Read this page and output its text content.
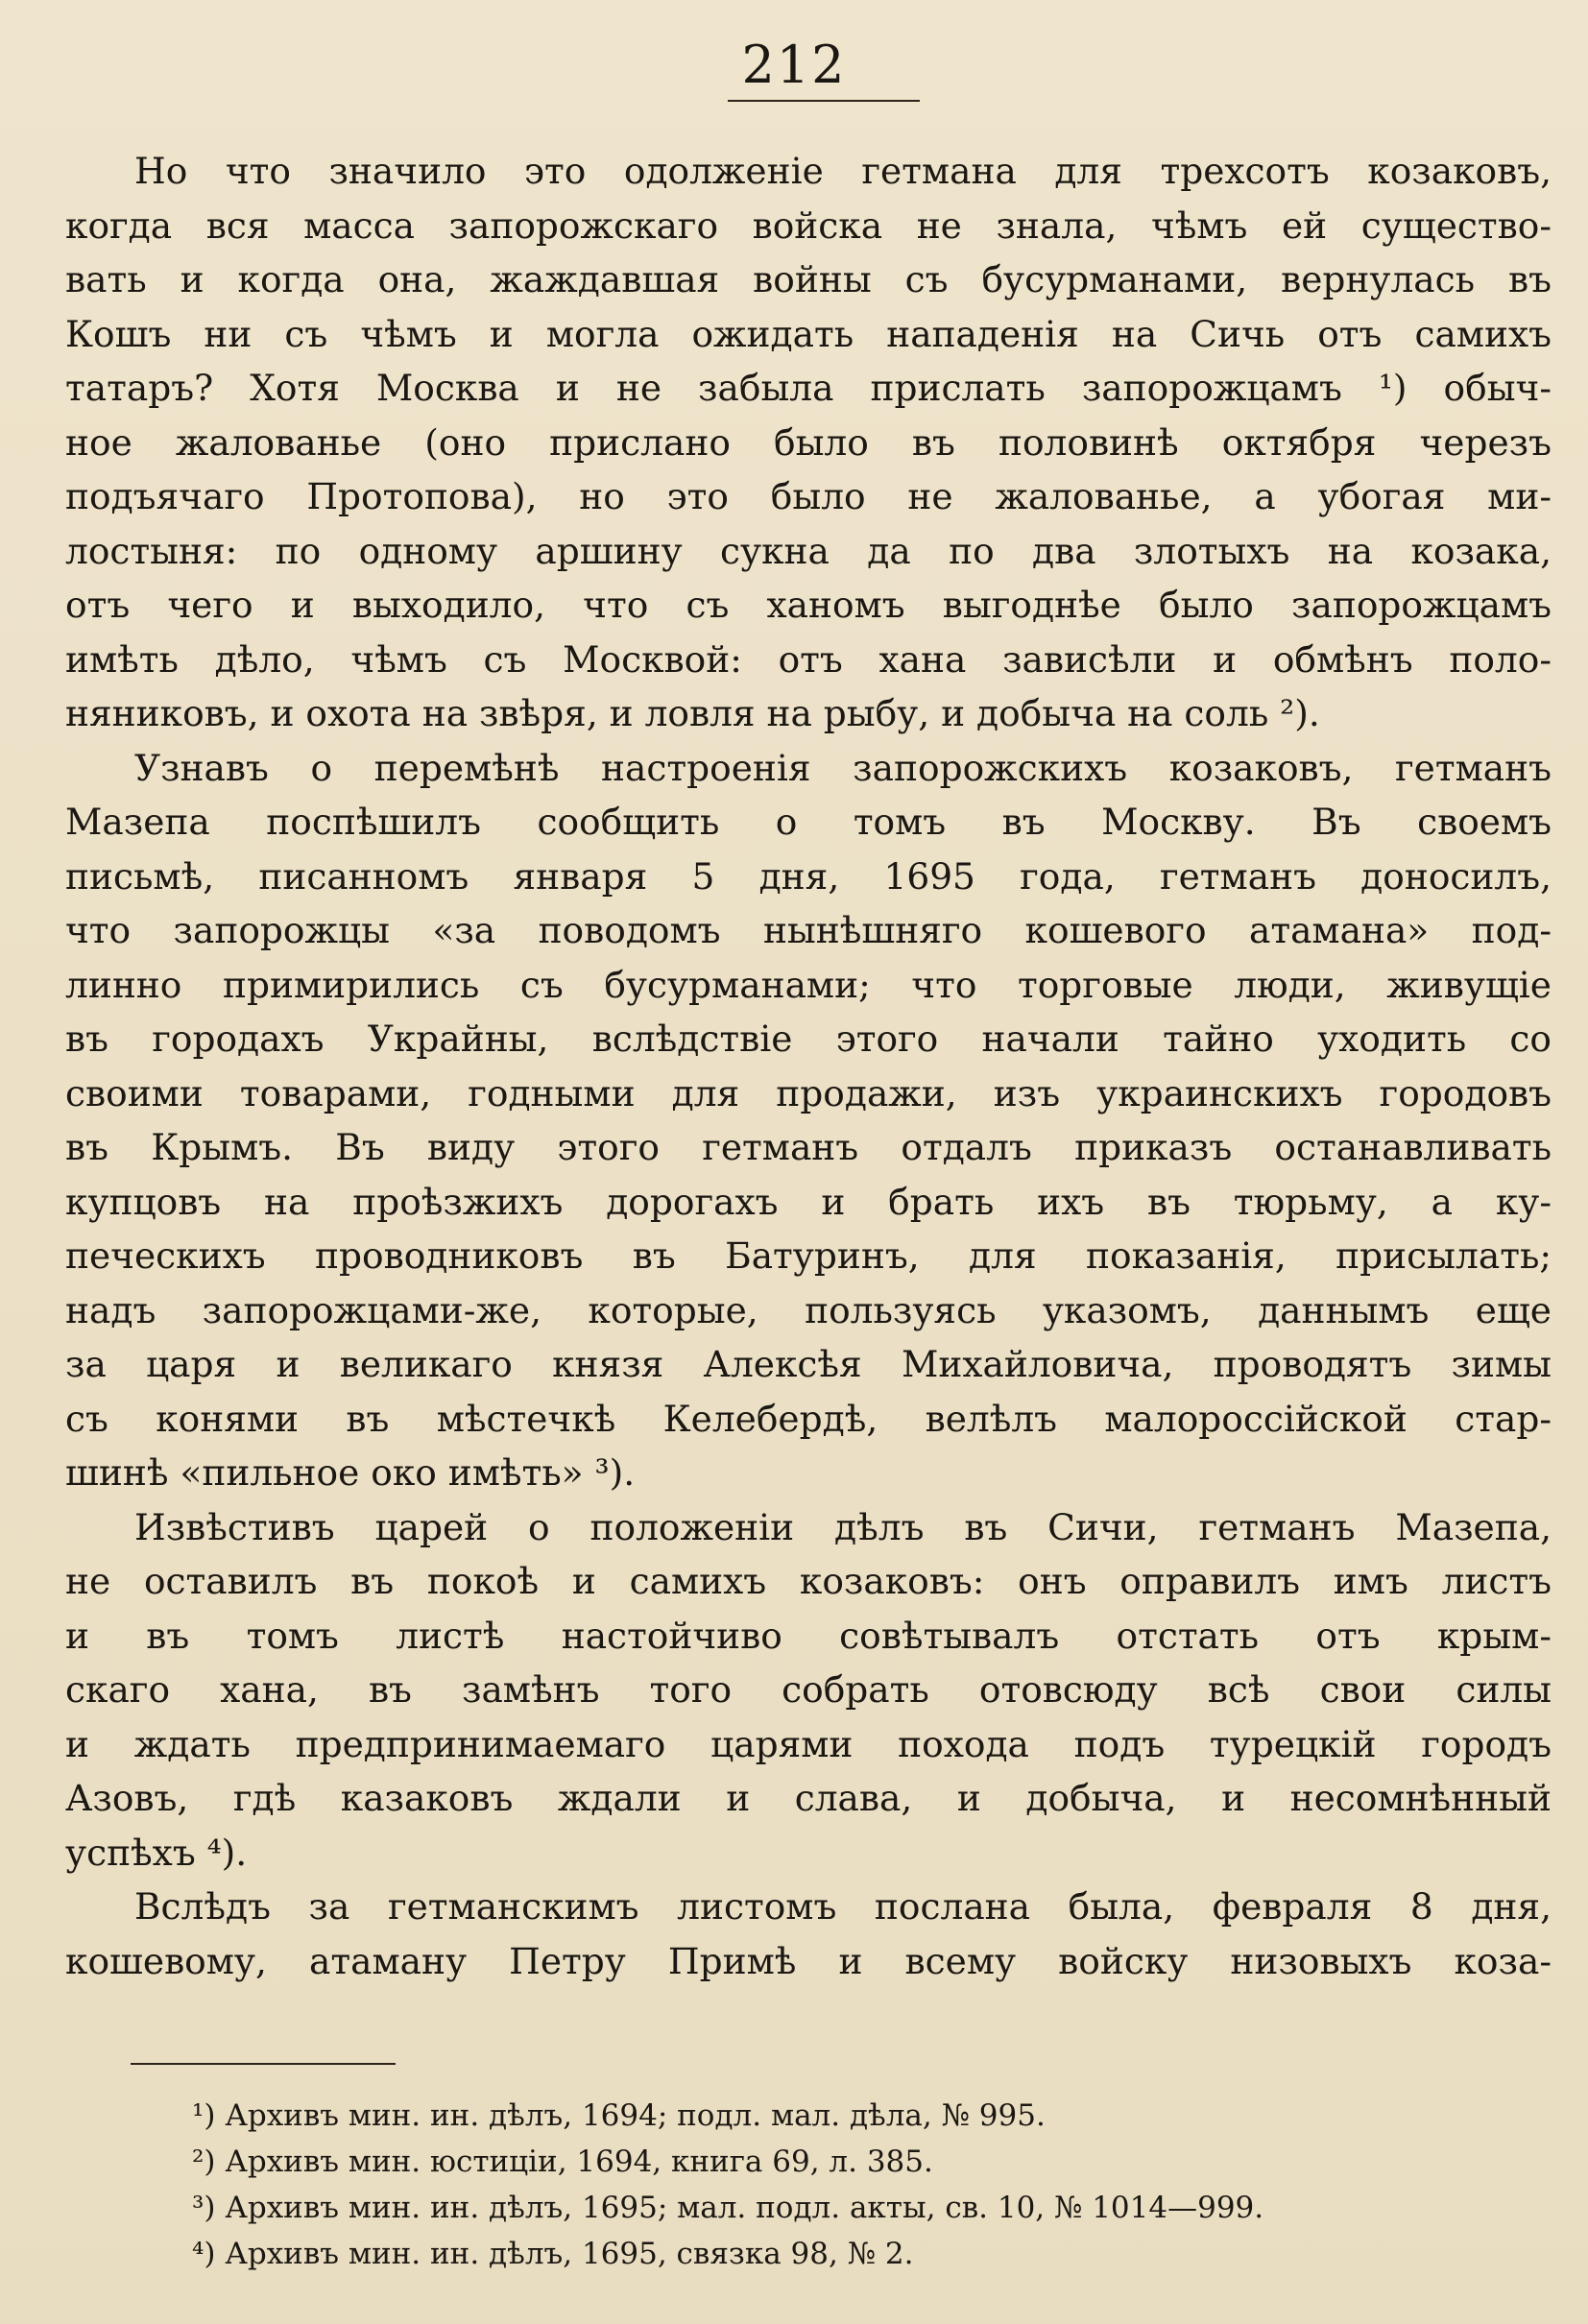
212
Но что значило это одолженіе гетмана для трехсотъ козаковъ,
когда вся масса запорожскаго войска не знала, чѣмъ ей существо-
вать и когда она, жаждавшая войны съ бусурманами, вернулась въ
Кошъ ни съ чѣмъ и могла ожидать нападенія на Сичь отъ самихъ
татаръ? Хотя Москва и не забыла прислать запорожцамъ ¹) обыч-
ное жалованье (оно прислано было въ половинѣ октября черезъ
подъячаго Протопова), но это было не жалованье, а убогая ми-
лостыня: по одному аршину сукна да по два злотыхъ на козака,
отъ чего и выходило, что съ ханомъ выгоднѣе было запорожцамъ
имѣть дѣло, чѣмъ съ Москвой: отъ хана зависѣли и обмѣнъ поло-
няниковъ, и охота на звѣря, и ловля на рыбу, и добыча на соль ²).
Узнавъ о перемѣнѣ настроенія запорожскихъ козаковъ, гетманъ
Мазепа поспѣшилъ сообщить о томъ въ Москву. Въ своемъ
письмѣ, писанномъ января 5 дня, 1695 года, гетманъ доносилъ,
что запорожцы «за поводомъ нынѣшняго кошевого атамана» под-
линно примирились съ бусурманами; что торговые люди, живущіе
въ городахъ Украйны, вслѣдствіе этого начали тайно уходить со
своими товарами, годными для продажи, изъ украинскихъ городовъ
въ Крымъ. Въ виду этого гетманъ отдалъ приказъ останавливать
купцовъ на проѣзжихъ дорогахъ и брать ихъ въ тюрьму, а ку-
печескихъ проводниковъ въ Батуринъ, для показанія, присылать;
надъ запорожцами-же, которые, пользуясь указомъ, даннымъ еще
за царя и великаго князя Алексѣя Михайловича, проводятъ зимы
съ конями въ мѣстечкѣ Келебердѣ, велѣлъ малороссійской стар-
шинѣ «пильное око имѣть» ³).
Извѣстивъ царей о положеніи дѣлъ въ Сичи, гетманъ Мазепа,
не оставилъ въ покоѣ и самихъ козаковъ: онъ оправилъ имъ листъ
и въ томъ листѣ настойчиво совѣтывалъ отстать отъ крым-
скаго хана, въ замѣнъ того собрать отовсюду всѣ свои силы
и ждать предпринимаемаго царями похода подъ турецкій городъ
Азовъ, гдѣ казаковъ ждали и слава, и добыча, и несомнѣнный
успѣхъ ⁴).
Вслѣдъ за гетманскимъ листомъ послана была, февраля 8 дня,
кошевому, атаману Петру Примѣ и всему войску низовыхъ коза-
¹) Архивъ мин. ин. дѣлъ, 1694; подл. мал. дѣла, № 995.
²) Архивъ мин. юстиціи, 1694, книга 69, л. 385.
³) Архивъ мин. ин. дѣлъ, 1695; мал. подл. акты, св. 10, № 1014—999.
⁴) Архивъ мин. ин. дѣлъ, 1695, связка 98, № 2.
